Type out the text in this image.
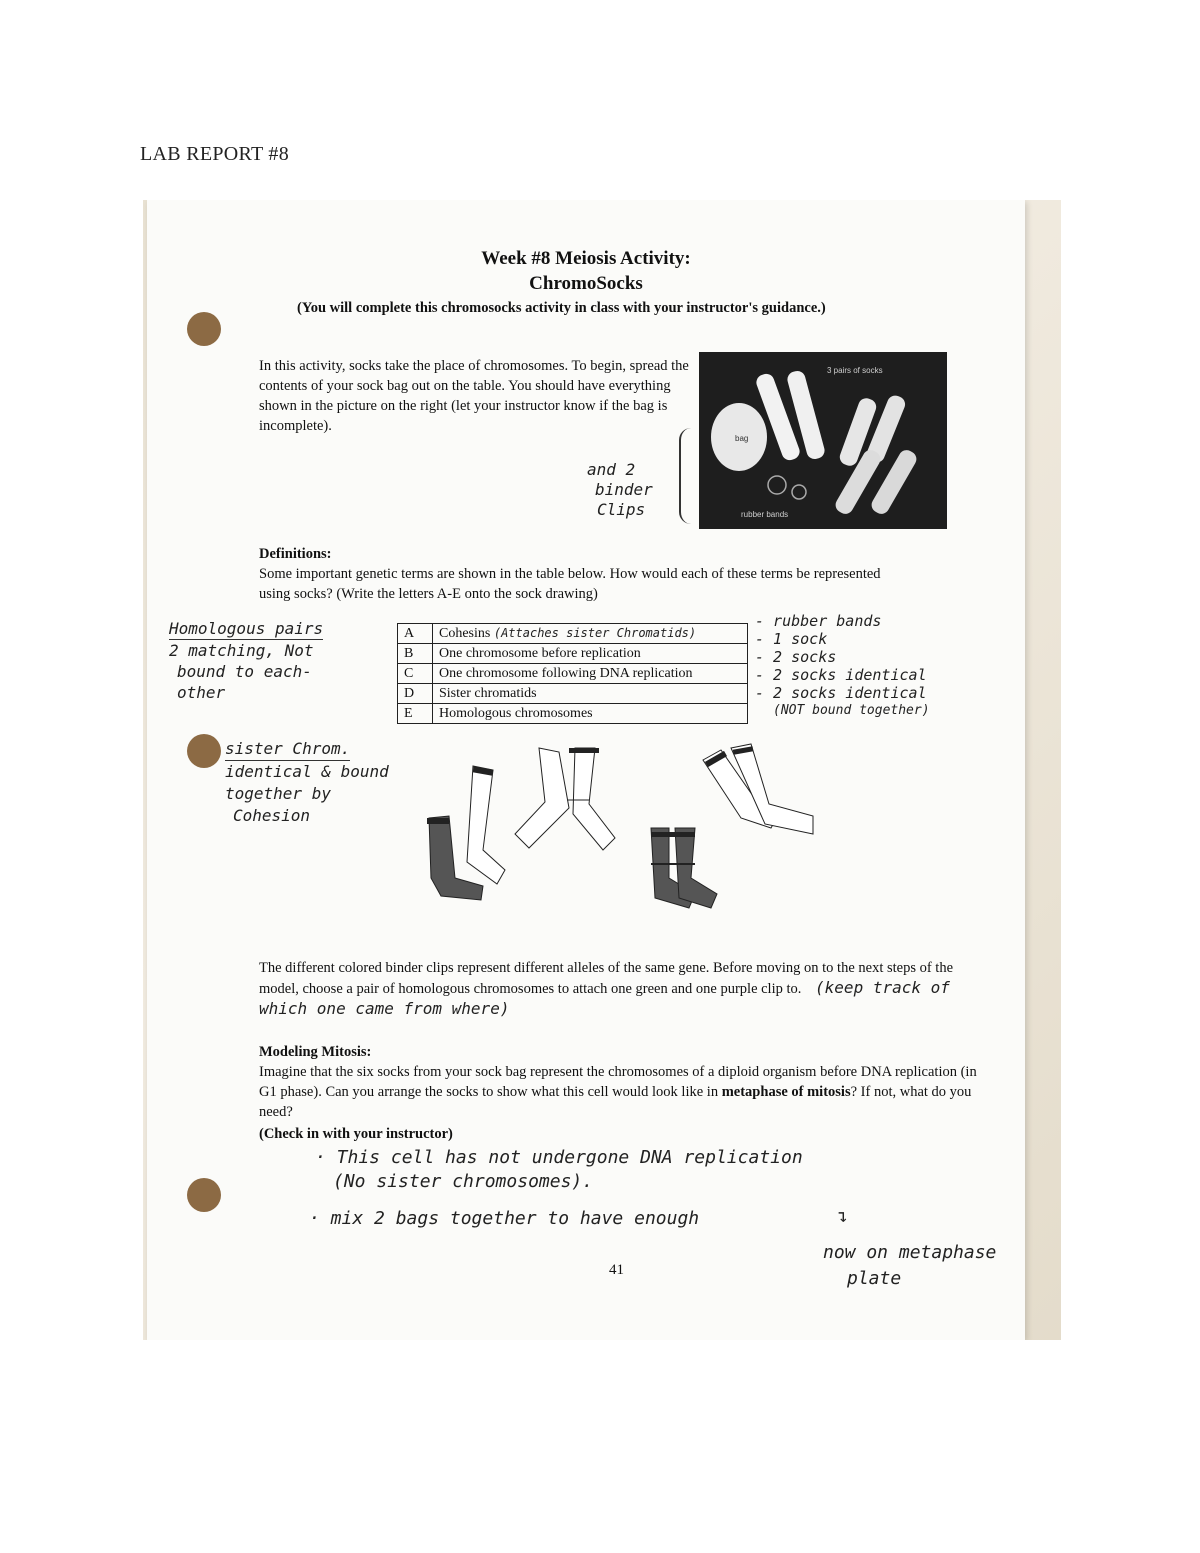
LAB REPORT #8
Week #8 Meiosis Activity:
ChromoSocks
(You will complete this chromosocks activity in class with your instructor's guidance.)
In this activity, socks take the place of chromosomes. To begin, spread the contents of your sock bag out on the table. You should have everything shown in the picture on the right (let your instructor know if the bag is incomplete).
3 pairs of socks
bag
rubber bands
and 2
binder
Clips
Definitions:
Some important genetic terms are shown in the table below. How would each of these terms be represented using socks? (Write the letters A-E onto the sock drawing)
A	Cohesins (Attaches sister Chromatids)
B	One chromosome before replication
C	One chromosome following DNA replication
D	Sister chromatids
E	Homologous chromosomes
- rubber bands
- 1 sock
- 2 socks
- 2 socks identical
- 2 socks identical
(NOT bound together)
Homologous pairs
2 matching, Not
bound to each-
other
sister Chrom.
identical & bound
together by
Cohesion
The different colored binder clips represent different alleles of the same gene. Before moving on to the next steps of the model, choose a pair of homologous chromosomes to attach one green and one purple clip to. (keep track of which one came from where)
Modeling Mitosis:
Imagine that the six socks from your sock bag represent the chromosomes of a diploid organism before DNA replication (in G1 phase). Can you arrange the socks to show what this cell would look like in metaphase of mitosis? If not, what do you need?
(Check in with your instructor)
· This cell has not undergone DNA replication
(No sister chromosomes).
· mix 2 bags together to have enough	↴
now on metaphase
plate
41
